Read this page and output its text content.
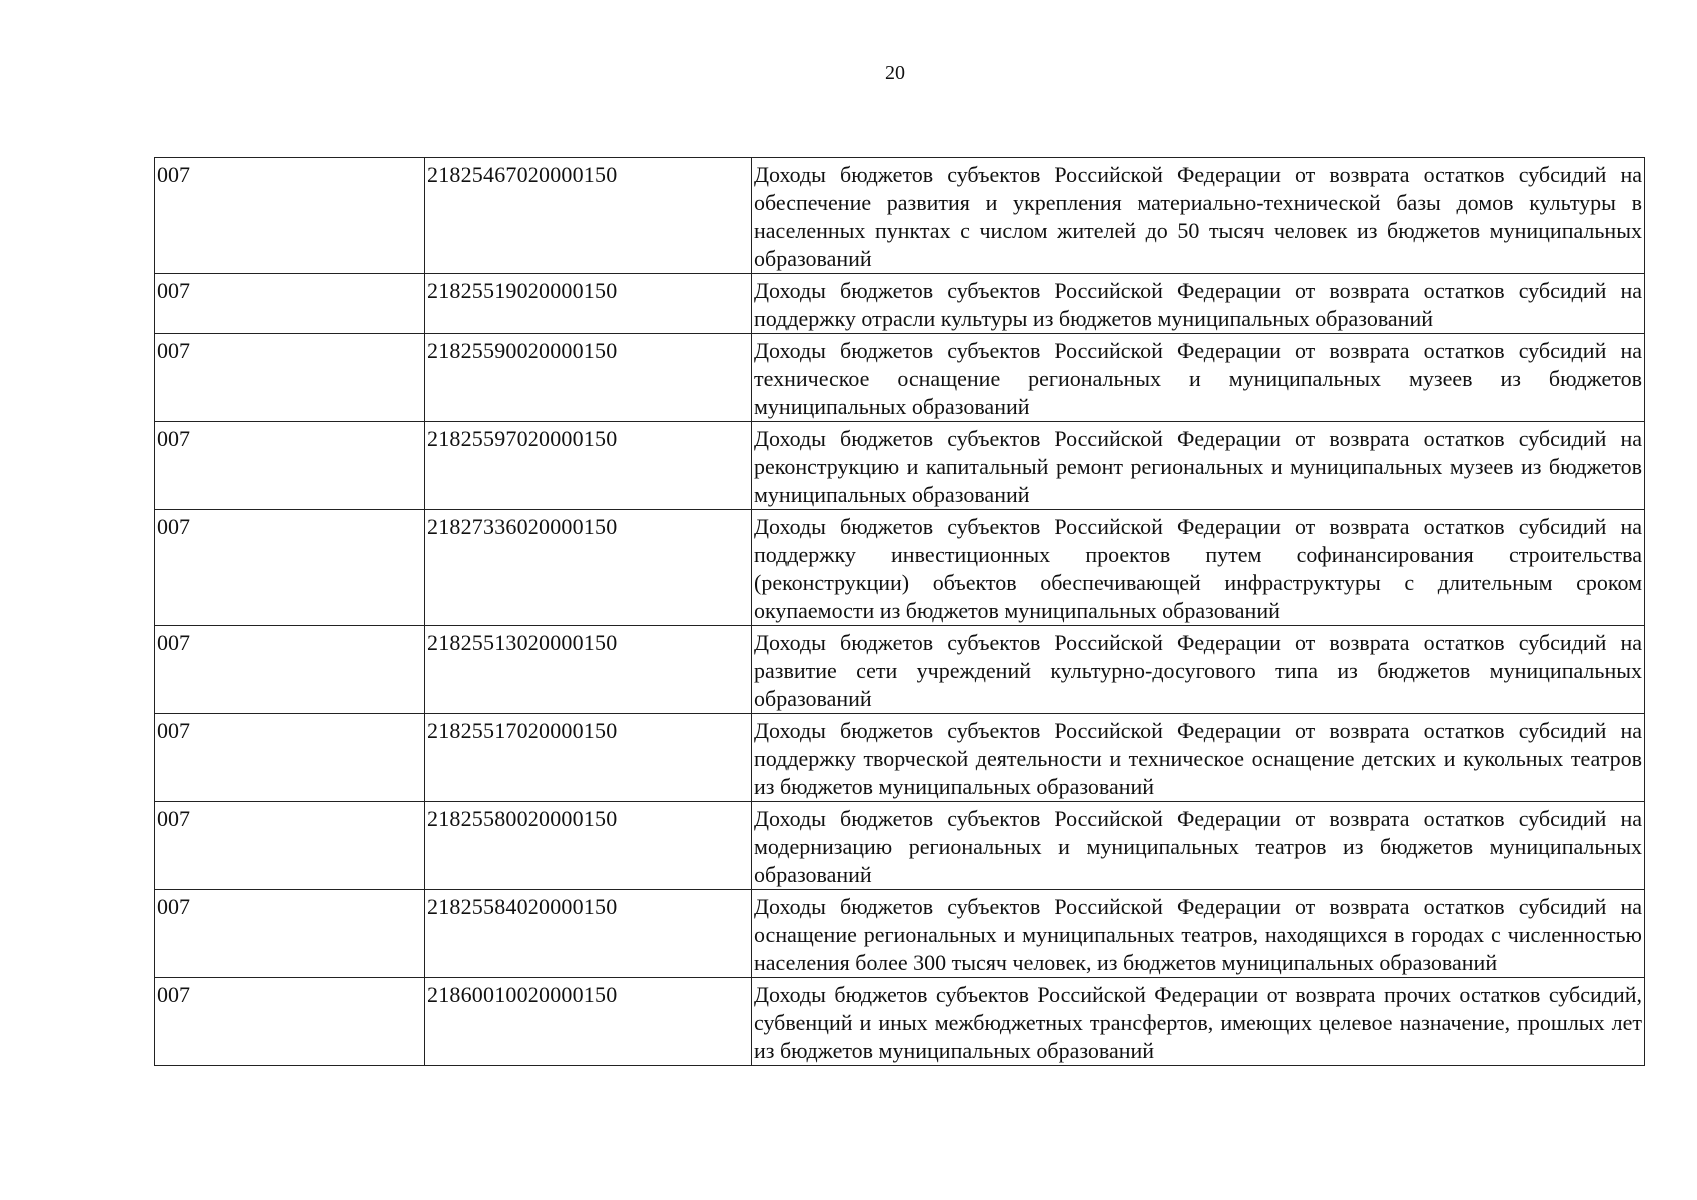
20
007	21825467020000150	Доходы бюджетов субъектов Российской Федерации от возврата остатков субсидий на обеспечение развития и укрепления материально-технической базы домов культуры в населенных пунктах с числом жителей до 50 тысяч человек из бюджетов муниципальных образований
007	21825519020000150	Доходы бюджетов субъектов Российской Федерации от возврата остатков субсидий на поддержку отрасли культуры из бюджетов муниципальных образований
007	21825590020000150	Доходы бюджетов субъектов Российской Федерации от возврата остатков субсидий на техническое оснащение региональных и муниципальных музеев из бюджетов муниципальных образований
007	21825597020000150	Доходы бюджетов субъектов Российской Федерации от возврата остатков субсидий на реконструкцию и капитальный ремонт региональных и муниципальных музеев из бюджетов муниципальных образований
007	21827336020000150	Доходы бюджетов субъектов Российской Федерации от возврата остатков субсидий на поддержку инвестиционных проектов путем софинансирования строительства (реконструкции) объектов обеспечивающей инфраструктуры с длительным сроком окупаемости из бюджетов муниципальных образований
007	21825513020000150	Доходы бюджетов субъектов Российской Федерации от возврата остатков субсидий на развитие сети учреждений культурно-досугового типа из бюджетов муниципальных образований
007	21825517020000150	Доходы бюджетов субъектов Российской Федерации от возврата остатков субсидий на поддержку творческой деятельности и техническое оснащение детских и кукольных театров из бюджетов муниципальных образований
007	21825580020000150	Доходы бюджетов субъектов Российской Федерации от возврата остатков субсидий на модернизацию региональных и муниципальных театров из бюджетов муниципальных образований
007	21825584020000150	Доходы бюджетов субъектов Российской Федерации от возврата остатков субсидий на оснащение региональных и муниципальных театров, находящихся в городах с численностью населения более 300 тысяч человек, из бюджетов муниципальных образований
007	21860010020000150	Доходы бюджетов субъектов Российской Федерации от возврата прочих остатков субсидий, субвенций и иных межбюджетных трансфертов, имеющих целевое назначение, прошлых лет из бюджетов муниципальных образований
